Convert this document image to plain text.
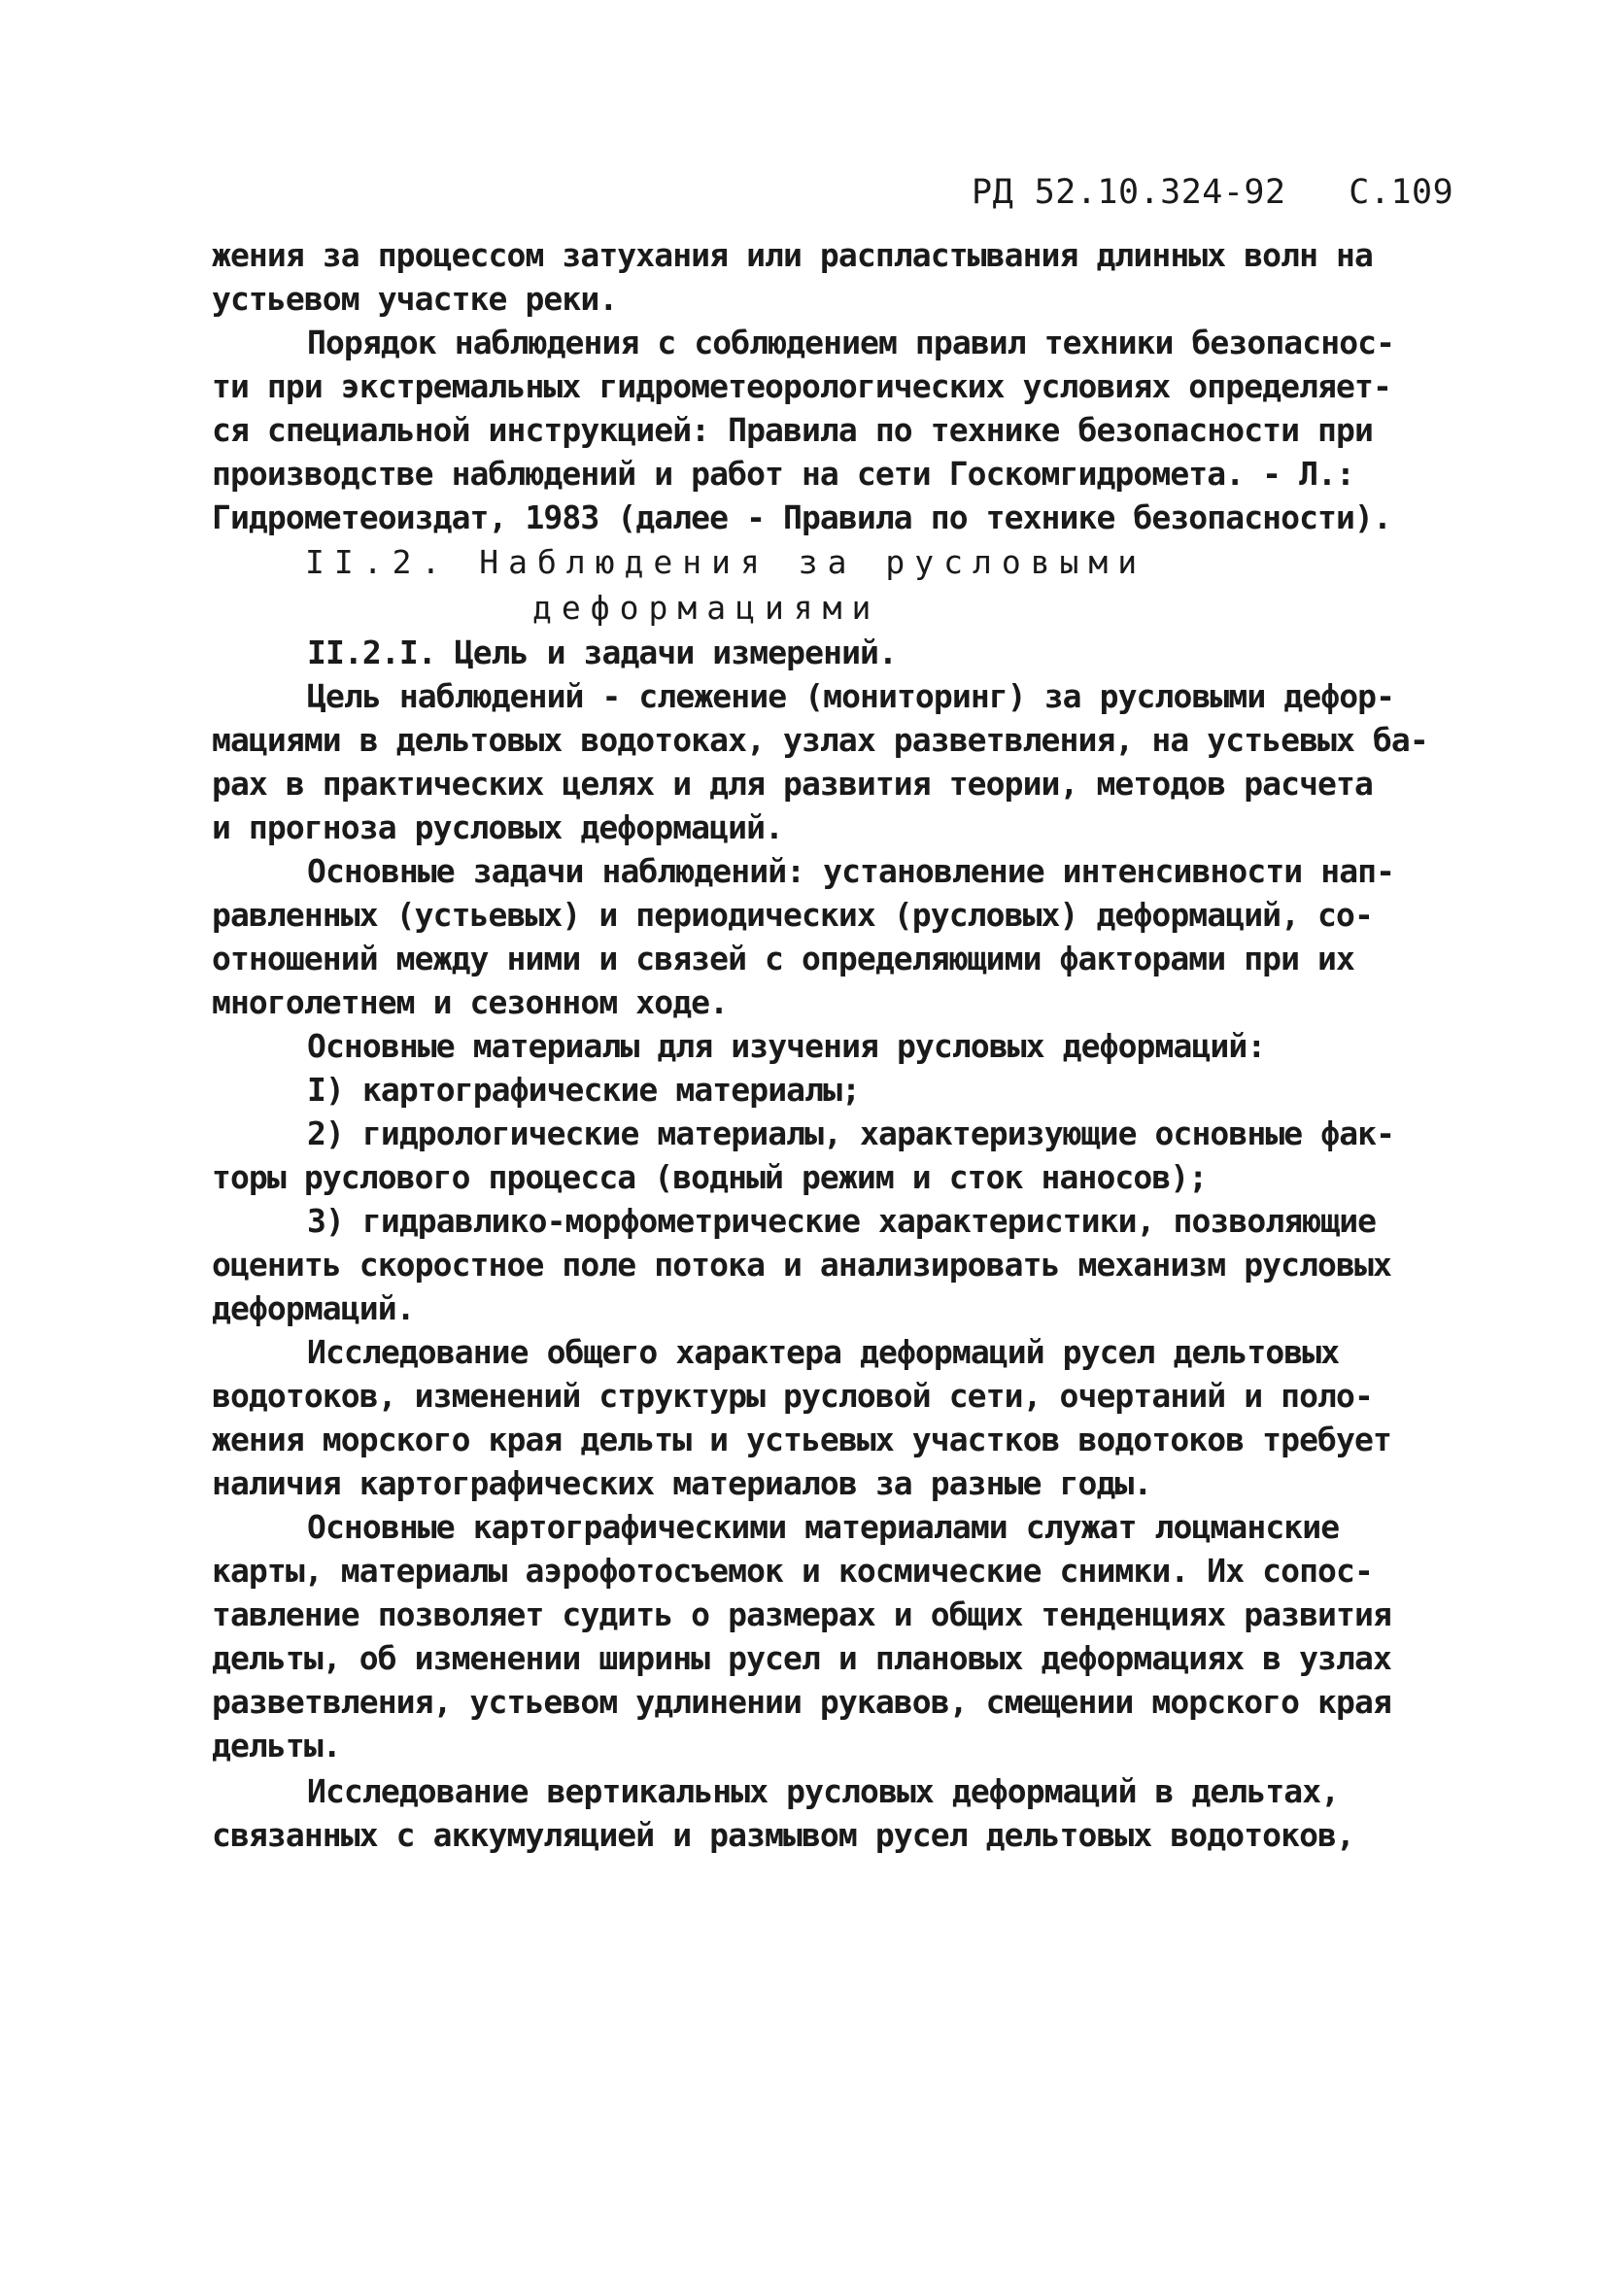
РД 52.10.324-92 С.109
жения за процессом затухания или распластывания длинных волн на
устьевом участке реки.
Порядок наблюдения с соблюдением правил техники безопаснос-
ти при экстремальных гидрометеорологических условиях определяет-
ся специальной инструкцией: Правила по технике безопасности при
производстве наблюдений и работ на сети Госкомгидромета. - Л.:
Гидрометеоиздат, 1983 (далее - Правила по технике безопасности).
II.2. Наблюдения за русловыми
деформациями
II.2.I. Цель и задачи измерений.
Цель наблюдений - слежение (мониторинг) за русловыми дефор-
мациями в дельтовых водотоках, узлах разветвления, на устьевых ба-
рах в практических целях и для развития теории, методов расчета
и прогноза русловых деформаций.
Основные задачи наблюдений: установление интенсивности нап-
равленных (устьевых) и периодических (русловых) деформаций, со-
отношений между ними и связей с определяющими факторами при их
многолетнем и сезонном ходе.
Основные материалы для изучения русловых деформаций:
I) картографические материалы;
2) гидрологические материалы, характеризующие основные фак-
торы руслового процесса (водный режим и сток наносов);
3) гидравлико-морфометрические характеристики, позволяющие
оценить скоростное поле потока и анализировать механизм русловых
деформаций.
Исследование общего характера деформаций русел дельтовых
водотоков, изменений структуры русловой сети, очертаний и поло-
жения морского края дельты и устьевых участков водотоков требует
наличия картографических материалов за разные годы.
Основные картографическими материалами служат лоцманские
карты, материалы аэрофотосъемок и космические снимки. Их сопос-
тавление позволяет судить о размерах и общих тенденциях развития
дельты, об изменении ширины русел и плановых деформациях в узлах
разветвления, устьевом удлинении рукавов, смещении морского края
дельты.
Исследование вертикальных русловых деформаций в дельтах,
связанных с аккумуляцией и размывом русел дельтовых водотоков,
